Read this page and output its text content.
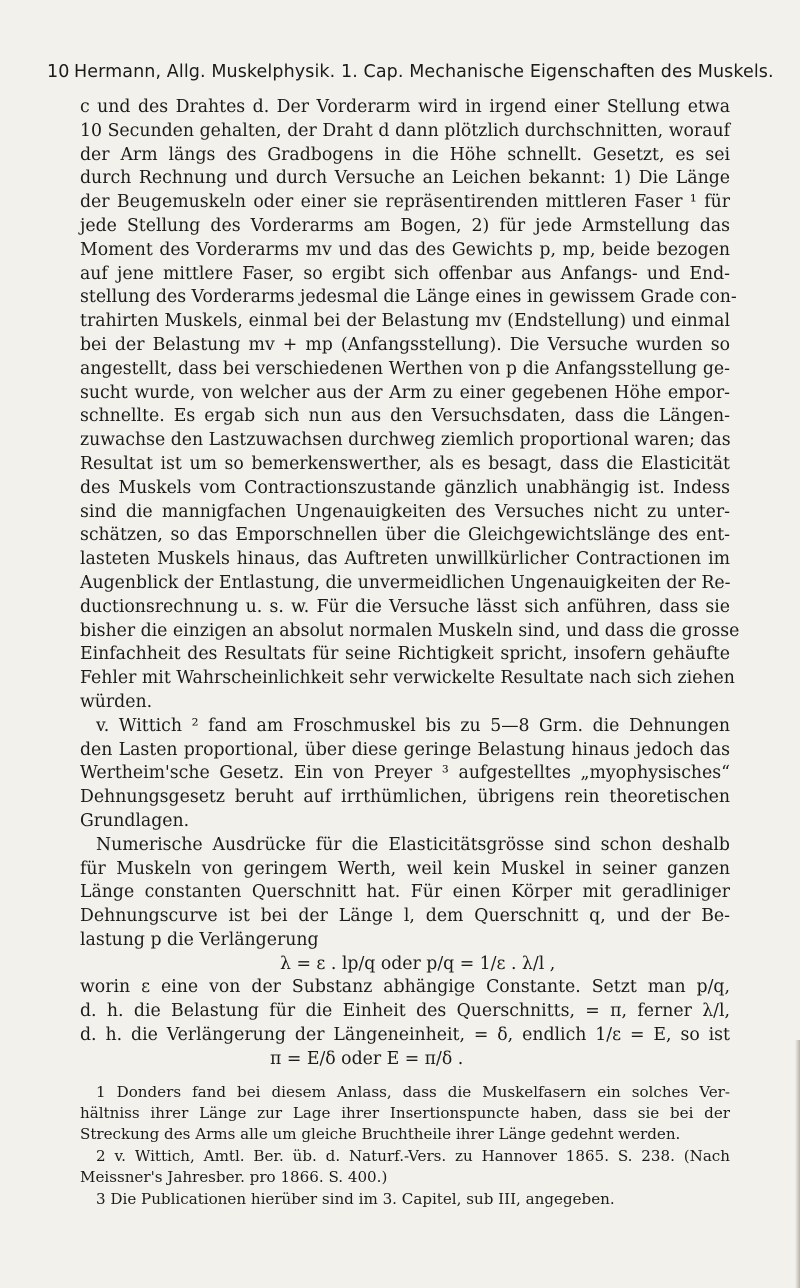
10 Hermann, Allg. Muskelphysik. 1. Cap. Mechanische Eigenschaften des Muskels.
c und des Drahtes d. Der Vorderarm wird in irgend einer Stellung etwa
10 Secunden gehalten, der Draht d dann plötzlich durchschnitten, worauf
der Arm längs des Gradbogens in die Höhe schnellt. Gesetzt, es sei
durch Rechnung und durch Versuche an Leichen bekannt: 1) Die Länge
der Beugemuskeln oder einer sie repräsentirenden mittleren Faser ¹ für
jede Stellung des Vorderarms am Bogen, 2) für jede Armstellung das
Moment des Vorderarms mv und das des Gewichts p, mp, beide bezogen
auf jene mittlere Faser, so ergibt sich offenbar aus Anfangs- und End-
stellung des Vorderarms jedesmal die Länge eines in gewissem Grade con-
trahirten Muskels, einmal bei der Belastung mv (Endstellung) und einmal
bei der Belastung mv + mp (Anfangsstellung). Die Versuche wurden so
angestellt, dass bei verschiedenen Werthen von p die Anfangsstellung ge-
sucht wurde, von welcher aus der Arm zu einer gegebenen Höhe empor-
schnellte. Es ergab sich nun aus den Versuchsdaten, dass die Längen-
zuwachse den Lastzuwachsen durchweg ziemlich proportional waren; das
Resultat ist um so bemerkenswerther, als es besagt, dass die Elasticität
des Muskels vom Contractionszustande gänzlich unabhängig ist. Indess
sind die mannigfachen Ungenauigkeiten des Versuches nicht zu unter-
schätzen, so das Emporschnellen über die Gleichgewichtslänge des ent-
lasteten Muskels hinaus, das Auftreten unwillkürlicher Contractionen im
Augenblick der Entlastung, die unvermeidlichen Ungenauigkeiten der Re-
ductionsrechnung u. s. w. Für die Versuche lässt sich anführen, dass sie
bisher die einzigen an absolut normalen Muskeln sind, und dass die grosse
Einfachheit des Resultats für seine Richtigkeit spricht, insofern gehäufte
Fehler mit Wahrscheinlichkeit sehr verwickelte Resultate nach sich ziehen
würden.
v. Wittich ² fand am Froschmuskel bis zu 5—8 Grm. die Dehnungen
den Lasten proportional, über diese geringe Belastung hinaus jedoch das
Wertheim'sche Gesetz. Ein von Preyer ³ aufgestelltes „myophysisches“
Dehnungsgesetz beruht auf irrthümlichen, übrigens rein theoretischen
Grundlagen.
Numerische Ausdrücke für die Elasticitätsgrösse sind schon deshalb
für Muskeln von geringem Werth, weil kein Muskel in seiner ganzen
Länge constanten Querschnitt hat. Für einen Körper mit geradliniger
Dehnungscurve ist bei der Länge l, dem Querschnitt q, und der Be-
lastung p die Verlängerung
λ = ε . lp/q oder p/q = 1/ε . λ/l ,
worin ε eine von der Substanz abhängige Constante. Setzt man p/q,
d. h. die Belastung für die Einheit des Querschnitts, = π, ferner λ/l,
d. h. die Verlängerung der Längeneinheit, = δ, endlich 1/ε = E, so ist
π = E/δ oder E = π/δ .
1 Donders fand bei diesem Anlass, dass die Muskelfasern ein solches Ver-
hältniss ihrer Länge zur Lage ihrer Insertionspuncte haben, dass sie bei der
Streckung des Arms alle um gleiche Bruchtheile ihrer Länge gedehnt werden.
2 v. Wittich, Amtl. Ber. üb. d. Naturf.-Vers. zu Hannover 1865. S. 238. (Nach
Meissner's Jahresber. pro 1866. S. 400.)
3 Die Publicationen hierüber sind im 3. Capitel, sub III, angegeben.
